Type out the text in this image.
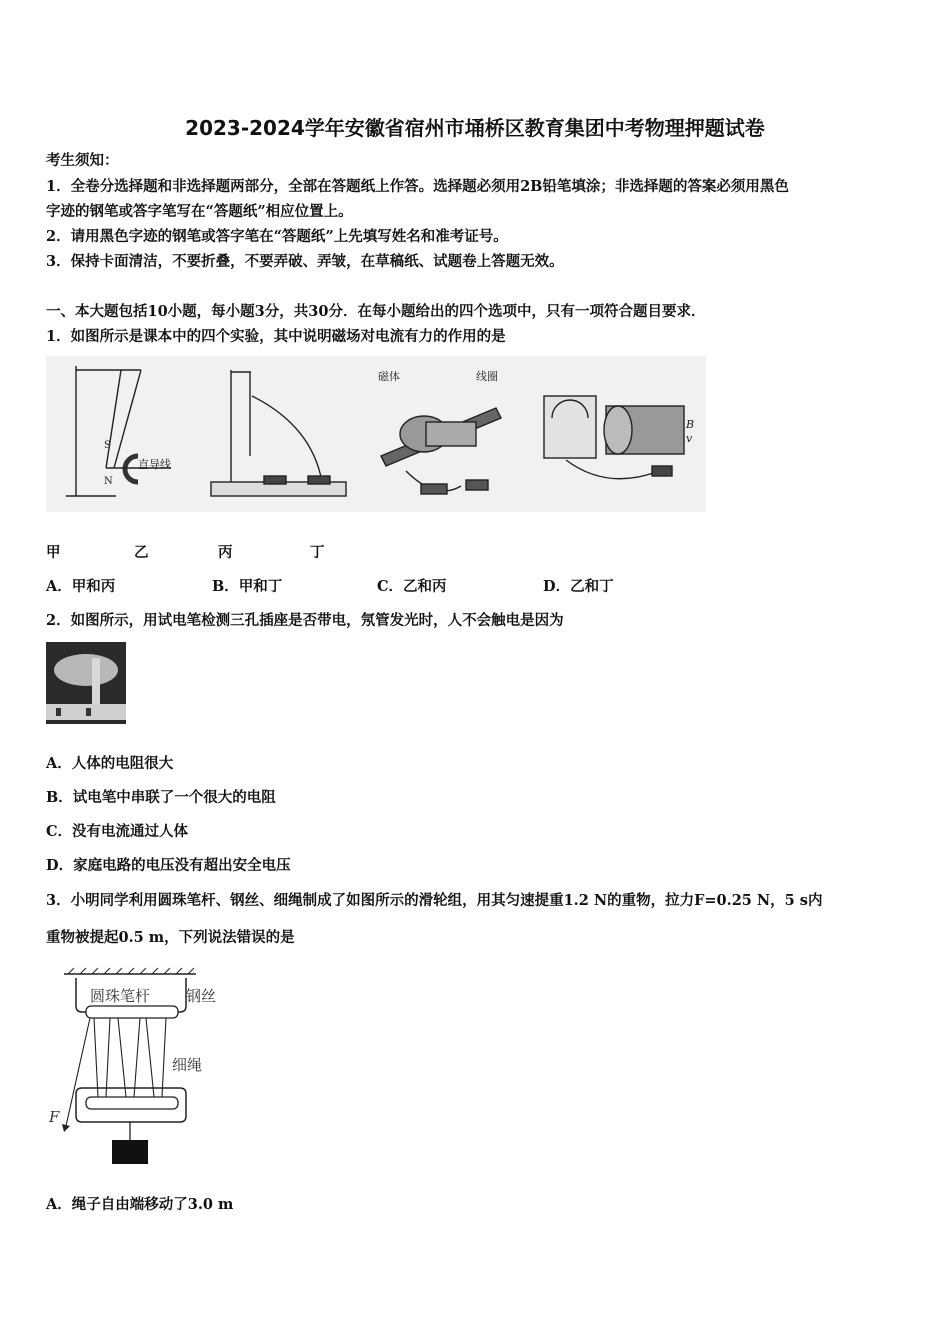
2023-2024学年安徽省宿州市埇桥区教育集团中考物理押题试卷
考生须知：
1．全卷分选择题和非选择题两部分，全部在答题纸上作答。选择题必须用2B铅笔填涂；非选择题的答案必须用黑色
字迹的钢笔或答字笔写在“答题纸”相应位置上。
2．请用黑色字迹的钢笔或答字笔在“答题纸”上先填写姓名和准考证号。
3．保持卡面清洁，不要折叠，不要弄破、弄皱，在草稿纸、试题卷上答题无效。
一、本大题包括10小题，每小题3分，共30分．在每小题给出的四个选项中，只有一项符合题目要求．
1．如图所示是课本中的四个实验，其中说明磁场对电流有力的作用的是
S
N
直导线
磁体	线圈
B
v
甲	乙	丙	丁
A．甲和丙	B．甲和丁	C．乙和丙	D．乙和丁
2．如图所示，用试电笔检测三孔插座是否带电，氖管发光时，人不会触电是因为
A．人体的电阻很大
B．试电笔中串联了一个很大的电阻
C．没有电流通过人体
D．家庭电路的电压没有超出安全电压
3．小明同学利用圆珠笔杆、钢丝、细绳制成了如图所示的滑轮组，用其匀速提重1.2 N的重物，拉力F=0.25 N，5 s内
重物被提起0.5 m，下列说法错误的是
圆珠笔杆 钢丝
细绳
F
A．绳子自由端移动了3.0 m
